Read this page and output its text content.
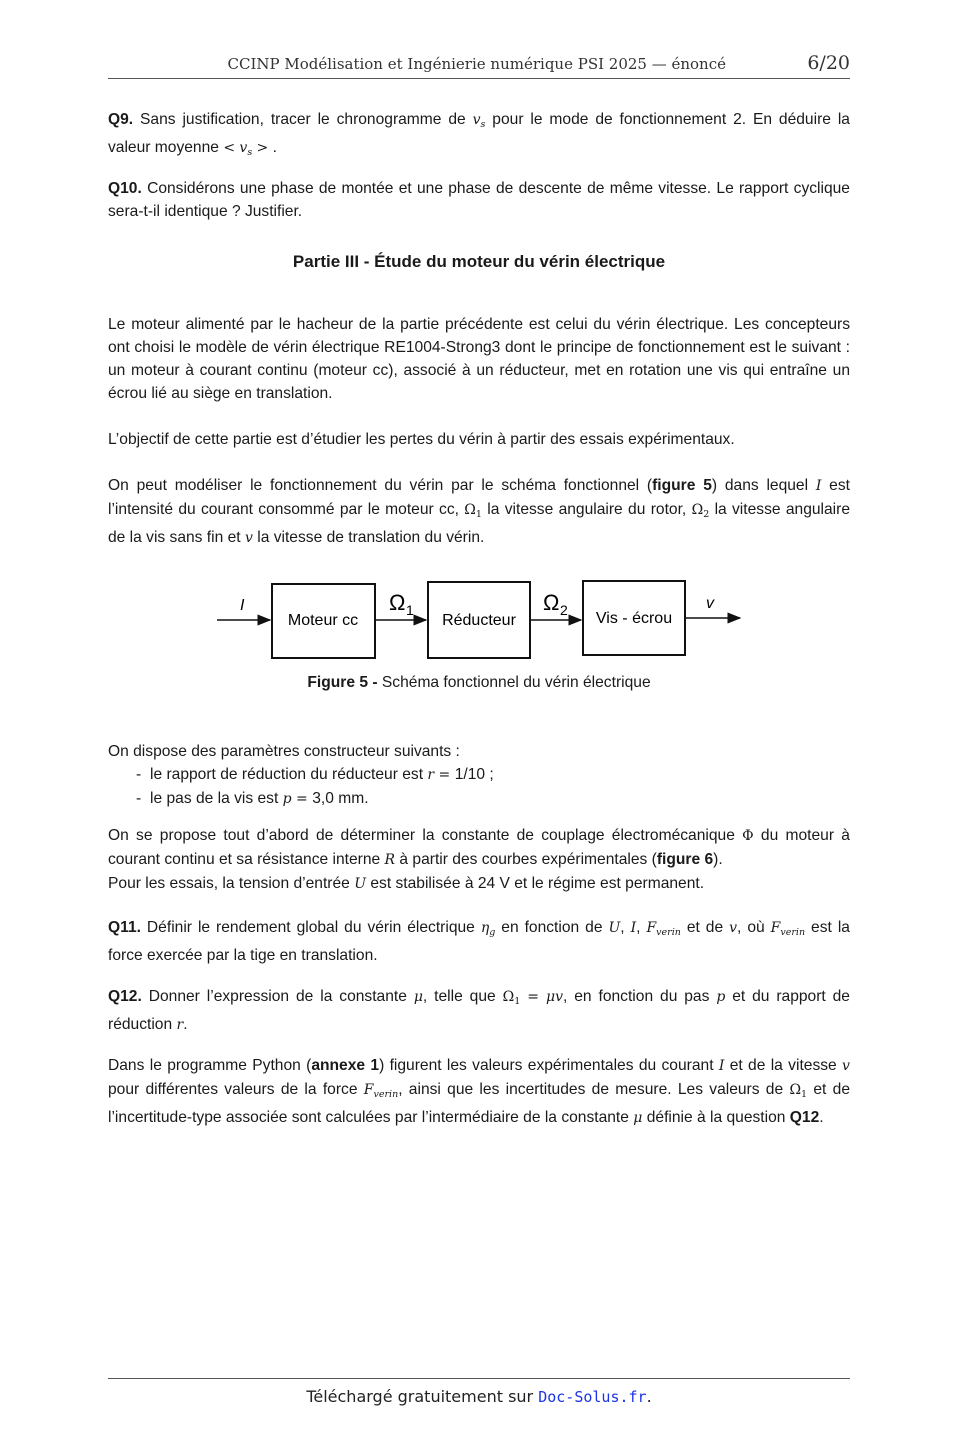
CCINP Modélisation et Ingénierie numérique PSI 2025 — énoncé	6/20

Q9. Sans justification, tracer le chronogramme de $v_s$ pour le mode de fonctionnement 2. En déduire la valeur moyenne < $v_s$ > .

Q10. Considérons une phase de montée et une phase de descente de même vitesse. Le rapport cyclique sera-t-il identique ? Justifier.

Partie III - Étude du moteur du vérin électrique

Le moteur alimenté par le hacheur de la partie précédente est celui du vérin électrique. Les concepteurs ont choisi le modèle de vérin électrique RE1004-Strong3 dont le principe de fonctionnement est le suivant : un moteur à courant continu (moteur cc), associé à un réducteur, met en rotation une vis qui entraîne un écrou lié au siège en translation.

L’objectif de cette partie est d’étudier les pertes du vérin à partir des essais expérimentaux.

On peut modéliser le fonctionnement du vérin par le schéma fonctionnel (figure 5) dans lequel I est l’intensité du courant consommé par le moteur cc, Ω1 la vitesse angulaire du rotor, Ω2 la vitesse angulaire de la vis sans fin et v la vitesse de translation du vérin.

Figure 5 - Schéma fonctionnel du vérin électrique

On dispose des paramètres constructeur suivants :

- le rapport de réduction du réducteur est r = 1/10 ;
- le pas de la vis est p = 3,0 mm.

On se propose tout d’abord de déterminer la constante de couplage électromécanique Φ du moteur à courant continu et sa résistance interne R à partir des courbes expérimentales (figure 6).
Pour les essais, la tension d’entrée U est stabilisée à 24 V et le régime est permanent.

Q11. Définir le rendement global du vérin électrique $\eta_g$ en fonction de U, I, $F_{verin}$ et de v, où $F_{verin}$ est la force exercée par la tige en translation.

Q12. Donner l’expression de la constante μ, telle que Ω1 = μv, en fonction du pas p et du rapport de réduction r.

Dans le programme Python (annexe 1) figurent les valeurs expérimentales du courant I et de la vitesse v pour différentes valeurs de la force $F_{verin}$, ainsi que les incertitudes de mesure. Les valeurs de Ω1 et de l’incertitude-type associée sont calculées par l’intermédiaire de la constante μ définie à la question Q12.

I
Moteur cc
Ω 1
Réducteur
Ω 2 Vis - écrou
v
Téléchargé gratuitement sur Doc-Solus.fr.
